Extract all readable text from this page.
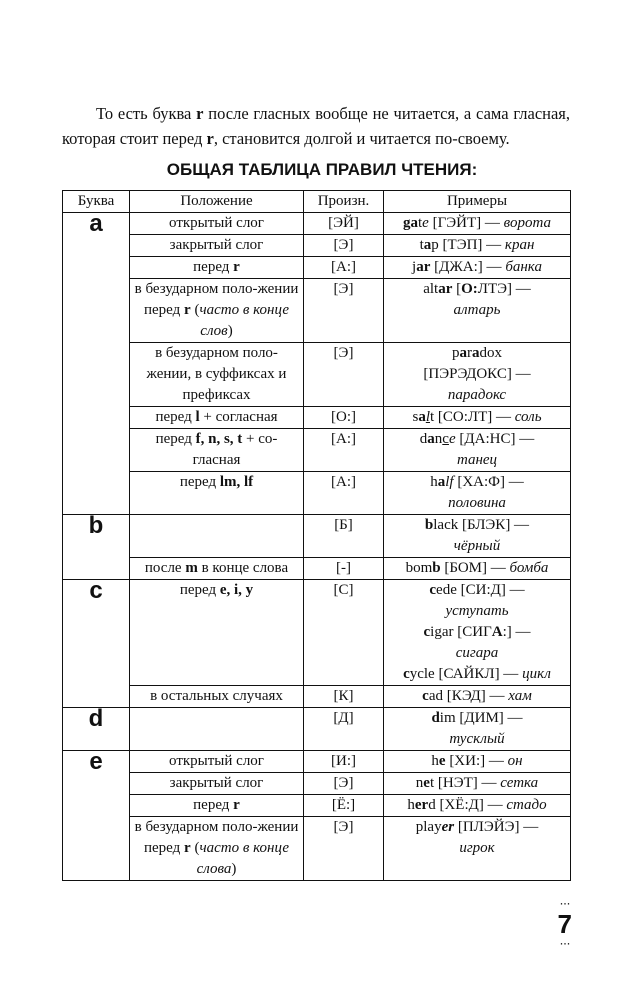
То есть буква r после гласных вообще не читается, а сама гласная, которая стоит перед r, становится долгой и читается по-своему.

ОБЩАЯ ТАБЛИЦА ПРАВИЛ ЧТЕНИЯ:
Буква	Положение	Произн.	Примеры
a	открытый слог	[ЭЙ]	gate [ГЭЙТ] — ворота
	закрытый слог	[Э]	tap [ТЭП] — кран
	перед r	[А:]	jar [ДЖА:] — банка
	в безударном поло-жении перед r (часто в конце слов)	[Э]	altar [О:ЛТЭ] —
алтарь
	в безударном поло-жении, в суффиксах и префиксах	[Э]	paradox
[ПЭРЭДОКС] —
парадокс
	перед l + согласная	[О:]	salt [СО:ЛТ] — соль
	перед f, n, s, t + со-гласная	[А:]	dance [ДА:НС] —
танец
	перед lm, lf	[А:]	half [ХА:Ф] —
половина
b		[Б]	black [БЛЭК] —
чёрный
	после m в конце слова	[-]	bomb [БОМ] — бомба
c	перед e, i, y	[С]	cede [СИ:Д] —
уступать
cigar [СИГА:] —
сигара
cycle [САЙКЛ] — цикл
	в остальных случаях	[К]	cad [КЭД] — хам
d		[Д]	dim [ДИМ] —
тусклый
e	открытый слог	[И:]	he [ХИ:] — он
	закрытый слог	[Э]	net [НЭТ] — сетка
	перед r	[Ё:]	herd [ХЁ:Д] — стадо
	в безударном поло-жении перед r (часто в конце слова)	[Э]	player [ПЛЭЙЭ] —
игрок
· · · 7 · · ·
